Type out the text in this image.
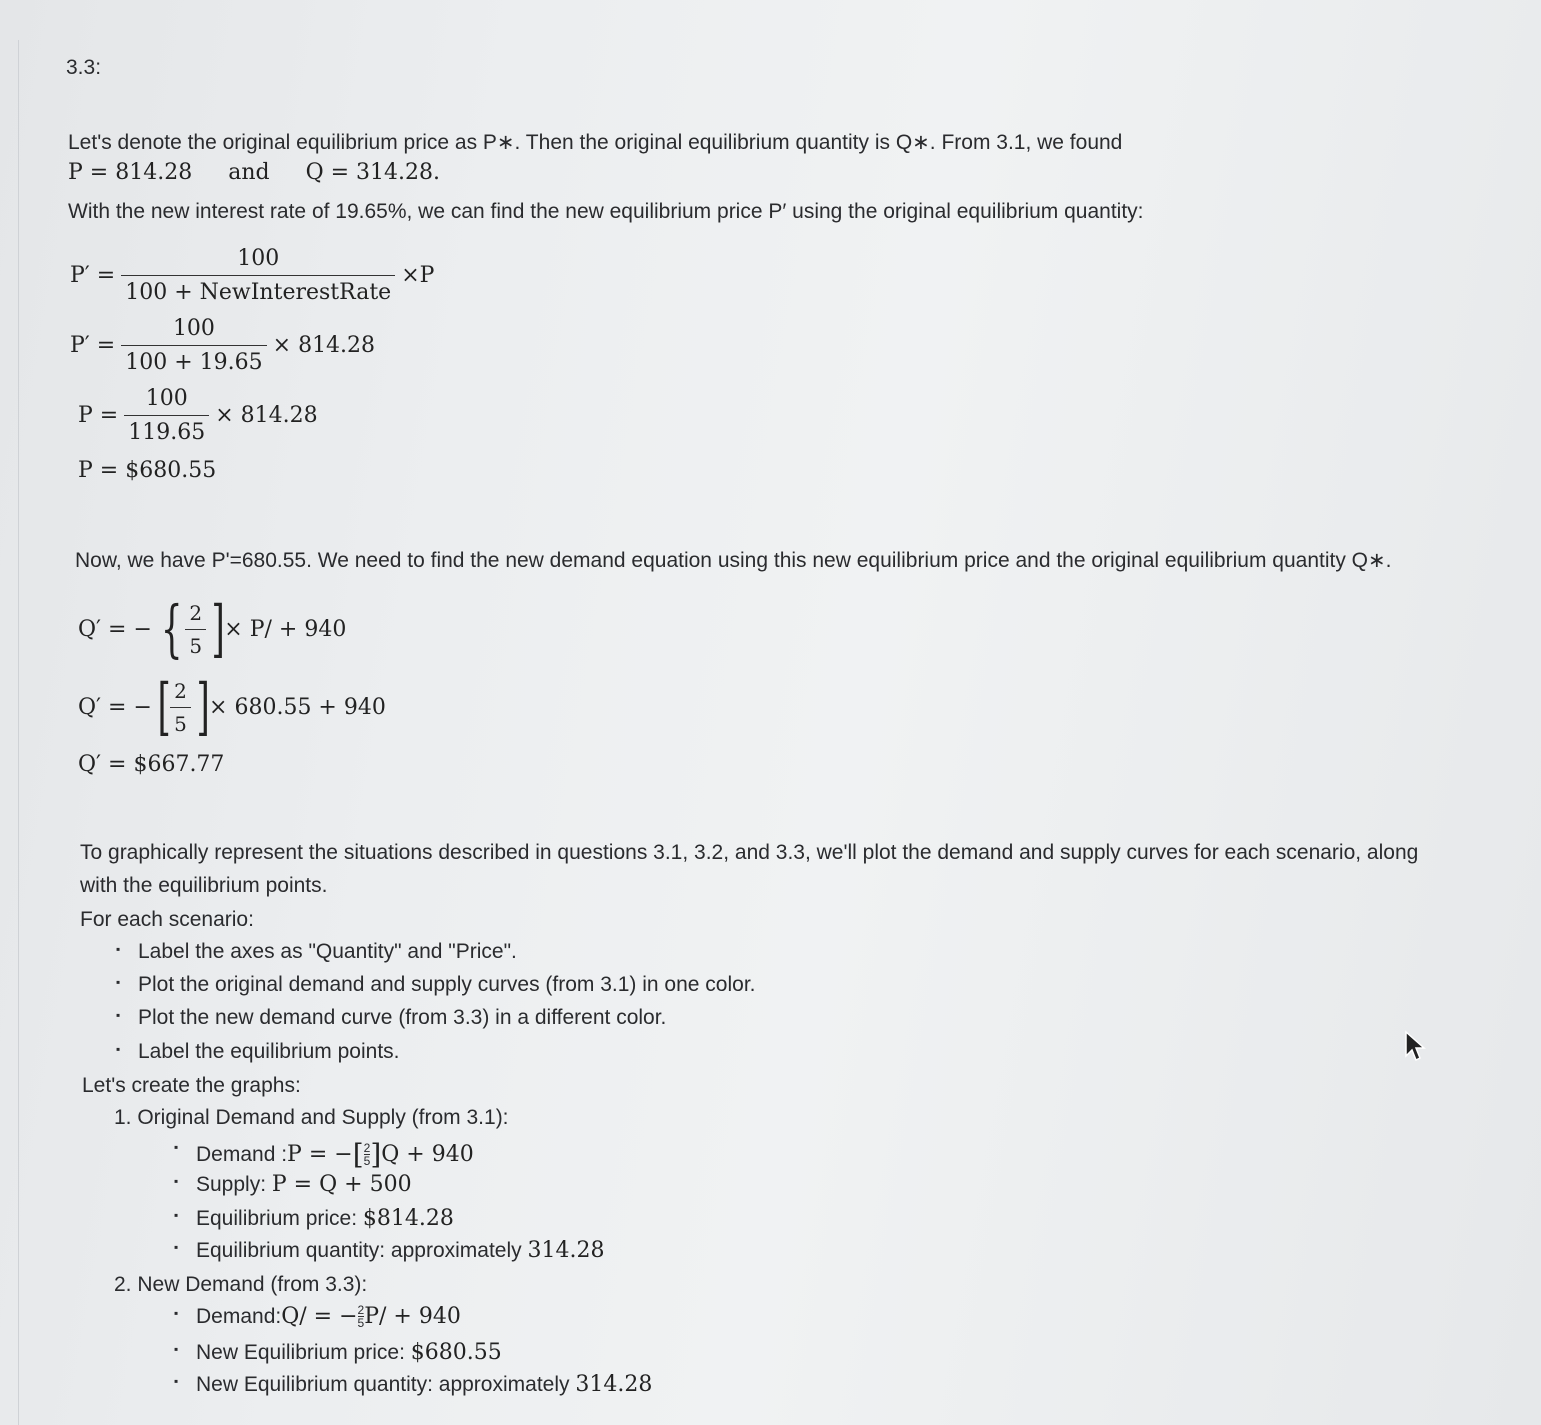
3.3:
Let's denote the original equilibrium price as P∗. Then the original equilibrium quantity is Q∗. From 3.1, we found
P = 814.28 and Q = 314.28.
With the new interest rate of 19.65%, we can find the new equilibrium price P′ using the original equilibrium quantity:
$P' = \frac{100}{\text{100 + NewInterestRate}} \times P$
$P' = \frac{100}{100 + 19.65} \times 814.28$
$P = \frac{100}{119.65} \times 814.28$
P = $680.55
Now, we have P'=680.55. We need to find the new demand equation using this new equilibrium price and the original equilibrium quantity Q∗.
Q′ = − { $\frac{2}{5}$ ] × P/ + 940
Q′ = − [ $\frac{2}{5}$ ] × 680.55 + 940
Q′ = $667.77
To graphically represent the situations described in questions 3.1, 3.2, and 3.3, we'll plot the demand and supply curves for each scenario, along
with the equilibrium points.
For each scenario:
▪ Label the axes as "Quantity" and "Price".
▪ Plot the original demand and supply curves (from 3.1) in one color.
▪ Plot the new demand curve (from 3.3) in a different color.
▪ Label the equilibrium points.
Let's create the graphs:
1. Original Demand and Supply (from 3.1):
▪ Demand : P = − [ $\frac{2}{5}$ ] Q + 940
▪ Supply: P = Q + 500
▪ Equilibrium price: $814.28
▪ Equilibrium quantity: approximately 314.28
2. New Demand (from 3.3):
▪ Demand: Q/ = − $\frac{2}{5} P/ + 940$
▪ New Equilibrium price: $680.55
▪ New Equilibrium quantity: approximately 314.28
